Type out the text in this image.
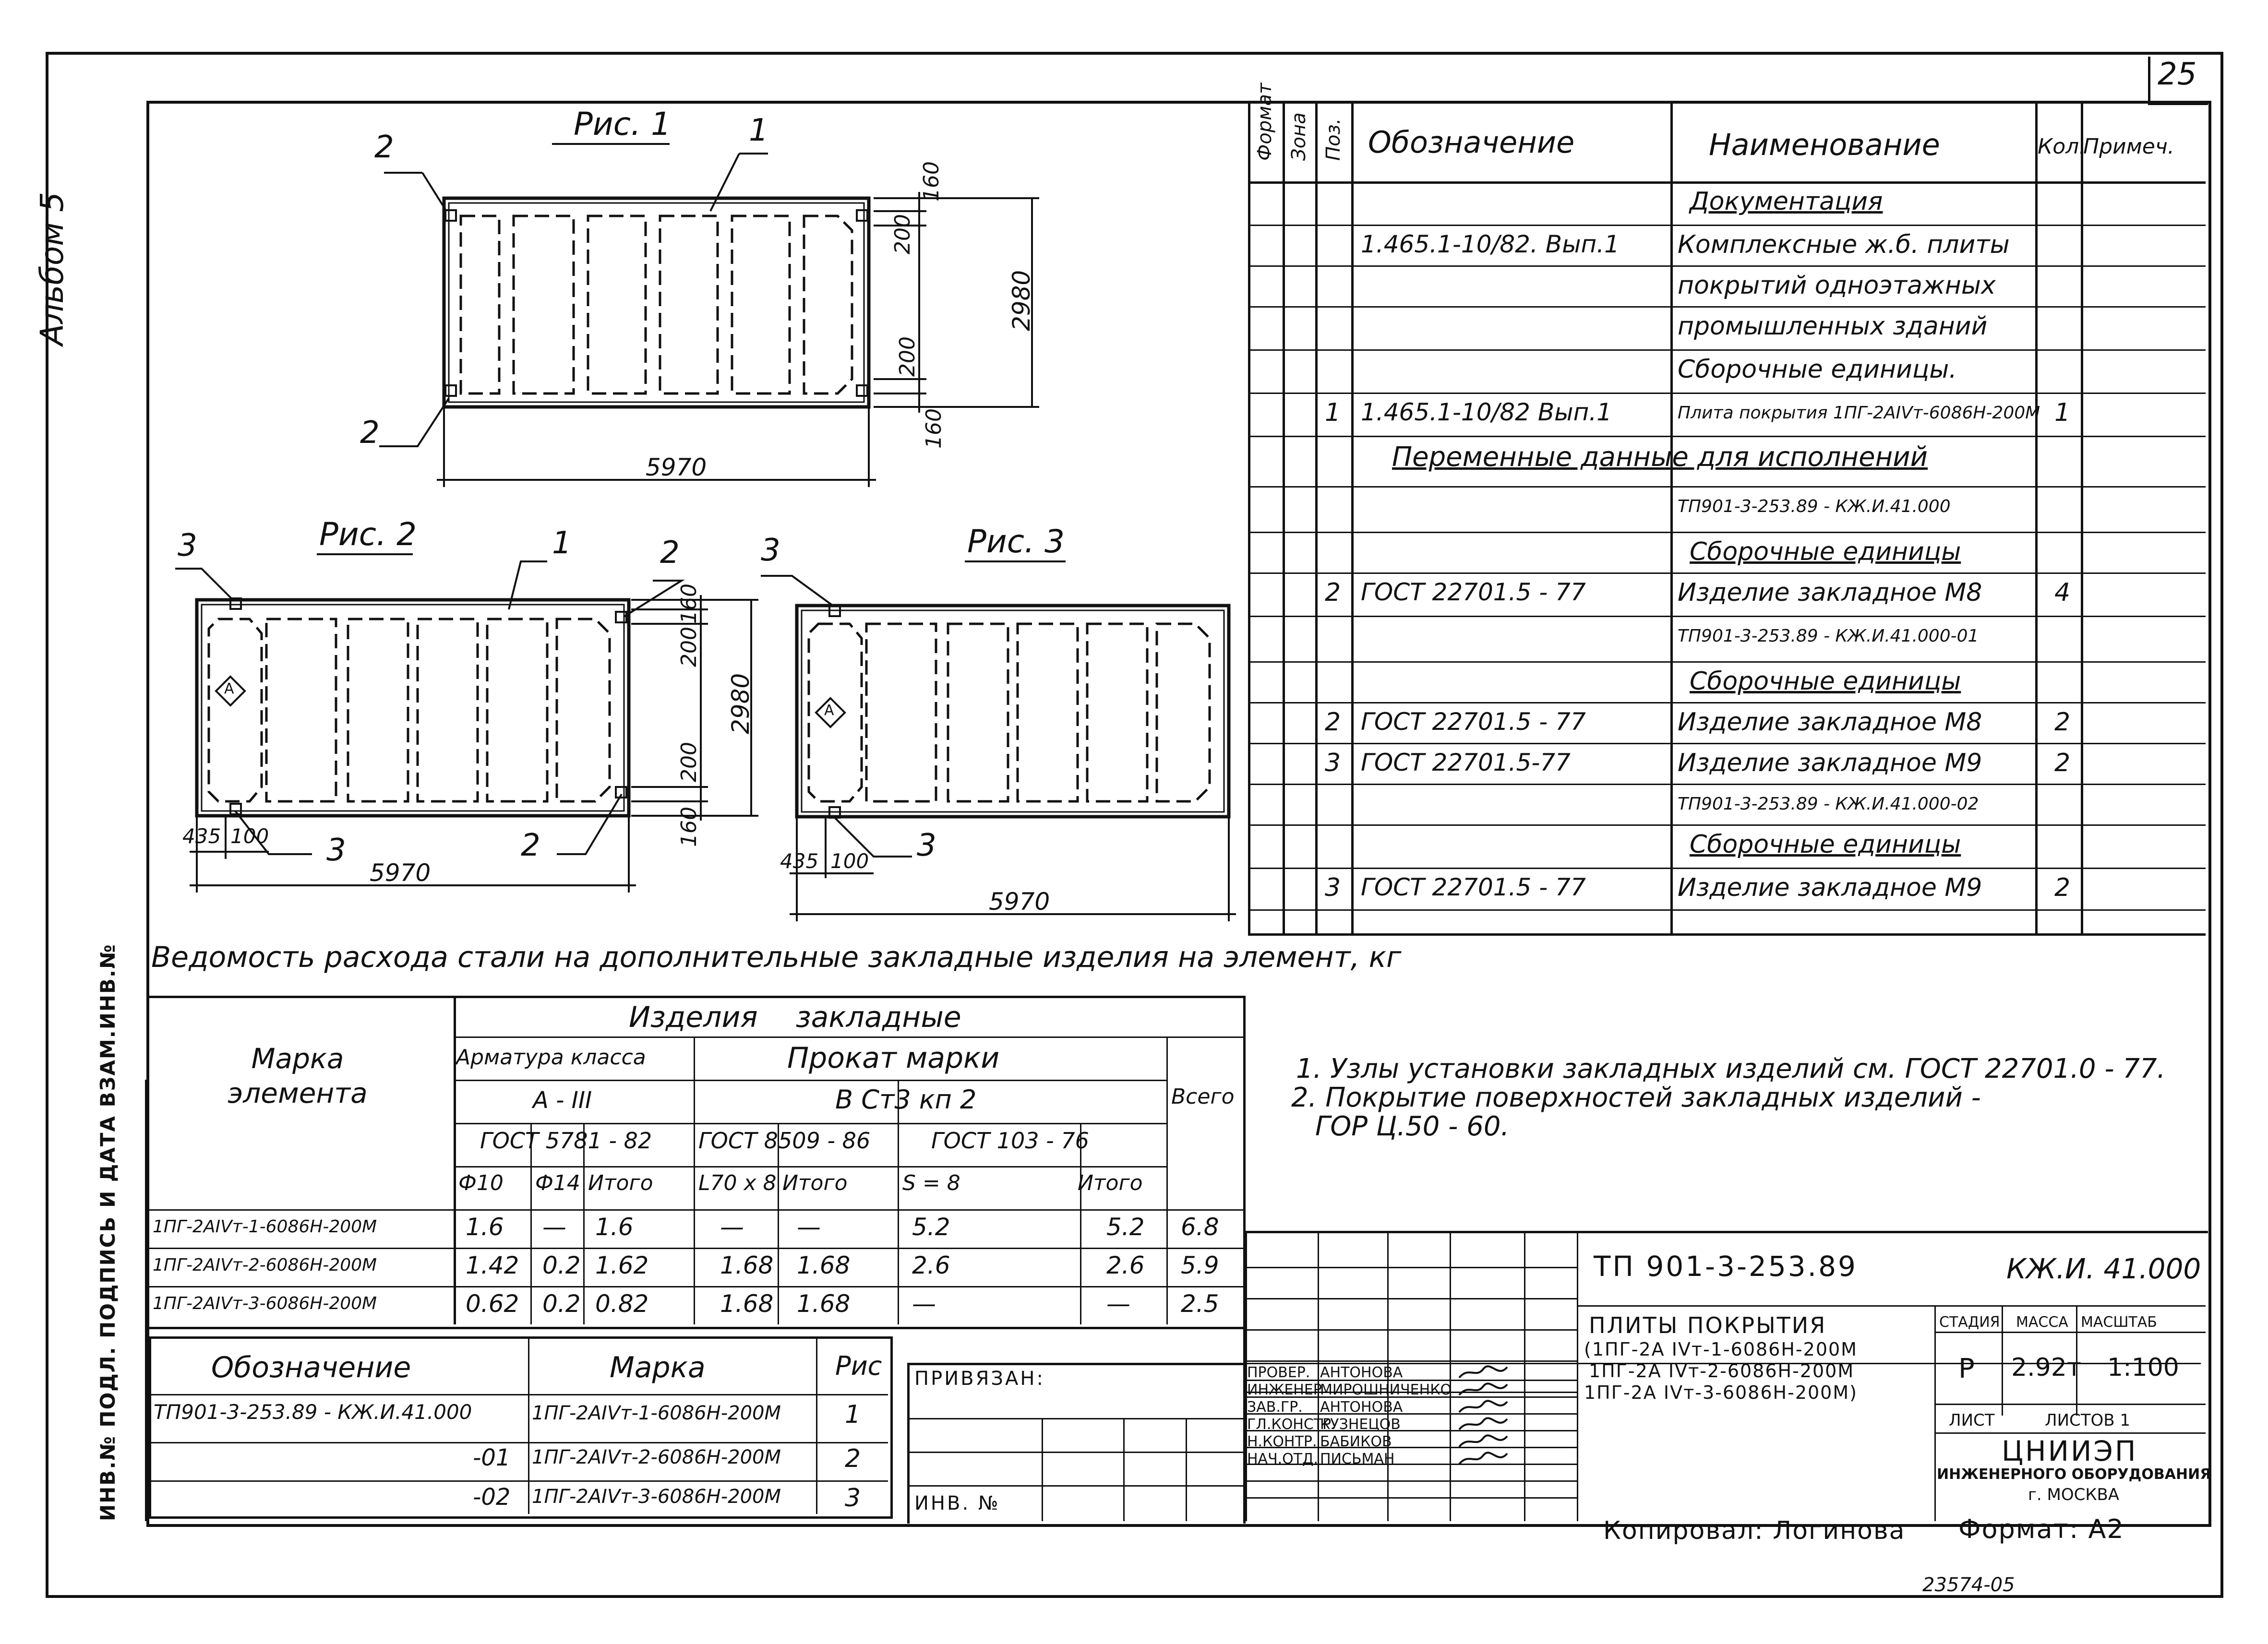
25
Альбом 5
ИНВ.№ ПОДЛ. ПОДПИСЬ И ДАТА ВЗАМ.ИНВ.№
160
200
2980
200
160
160
200
2980
200
160
Рис. 1
2	1
2
5970
Рис. 2
3	1	2
3	2
435 100
5970
А
Рис. 3
3
3
435 100
5970
А
Формат Зона Поз. Обозначение	Наименование	Кол.
Примеч.
Документация
1.465.1-10/82. Вып.1 Комплексные ж.б. плиты
покрытий одноэтажных
промышленных зданий
Сборочные единицы.
1 1.465.1-10/82 Вып.1	Плита покрытия 1ПГ-2АIVт-6086Н-200М 1
Переменные данные для исполнений
ТП901-3-253.89 - КЖ.И.41.000
Сборочные единицы
2 ГОСТ 22701.5 - 77	Изделие закладное М8	4
ТП901-3-253.89 - КЖ.И.41.000-01
Сборочные единицы
2 ГОСТ 22701.5 - 77	Изделие закладное М8	2
3 ГОСТ 22701.5-77	Изделие закладное М9	2
ТП901-3-253.89 - КЖ.И.41.000-02
Сборочные единицы
3 ГОСТ 22701.5 - 77	Изделие закладное М9	2
Ведомость расхода стали на дополнительные закладные изделия на элемент, кг
Изделия закладные
Марка элемента
Арматура класса	Прокат марки
Всего
А - III	В Ст3 кп 2
ГОСТ 5781 - 82 ГОСТ 8509 - 86	ГОСТ 103 - 76
Ф10 Ф14 Итого L70 x 8 Итого	S = 8	Итого
1ПГ-2АIVт-1-6086Н-200М	1.6 — 1.6	— —	5.2	5.2 6.8
1ПГ-2АIVт-2-6086Н-200М	1.42 0.2 1.62	1.68 1.68	2.6	2.6 5.9
1ПГ-2АIVт-3-6086Н-200М	0.62 0.2 0.82	1.68 1.68	—	— 2.5
Обозначение	Марка	Рис
ТП901-3-253.89 - КЖ.И.41.000	1ПГ-2АIVт-1-6086Н-200М	1
-01 1ПГ-2АIVт-2-6086Н-200М	2
-02 1ПГ-2АIVт-3-6086Н-200М	3
1. Узлы установки закладных изделий см. ГОСТ 22701.0 - 77.
2. Покрытие поверхностей закладных изделий -
ГОР Ц.50 - 60.
ТП 901-3-253.89	КЖ.И. 41.000
ПРИВЯЗАН:
ИНВ. №
ПЛИТЫ ПОКРЫТИЯ
(1ПГ-2А IVт-1-6086Н-200М
1ПГ-2А IVт-2-6086Н-200М
1ПГ-2А IVт-3-6086Н-200М)
СТАДИЯ МАССА МАСШТАБ
Р 2.92т 1:100
ЛИСТ	ЛИСТОВ 1
ЦНИИЭП
ИНЖЕНЕРНОГО ОБОРУДОВАНИЯ
г. МОСКВА
ПРОВЕР. АНТОНОВА
ИНЖЕНЕР
МИРОШНИЧЕНКО
ЗАВ.ГР. АНТОНОВА
ГЛ.КОНСТР.
КУЗНЕЦОВ
Н.КОНТР. БАБИКОВ
НАЧ.ОТД. ПИСЬМАН
Копировал: Логинова Формат: А2
23574-05
